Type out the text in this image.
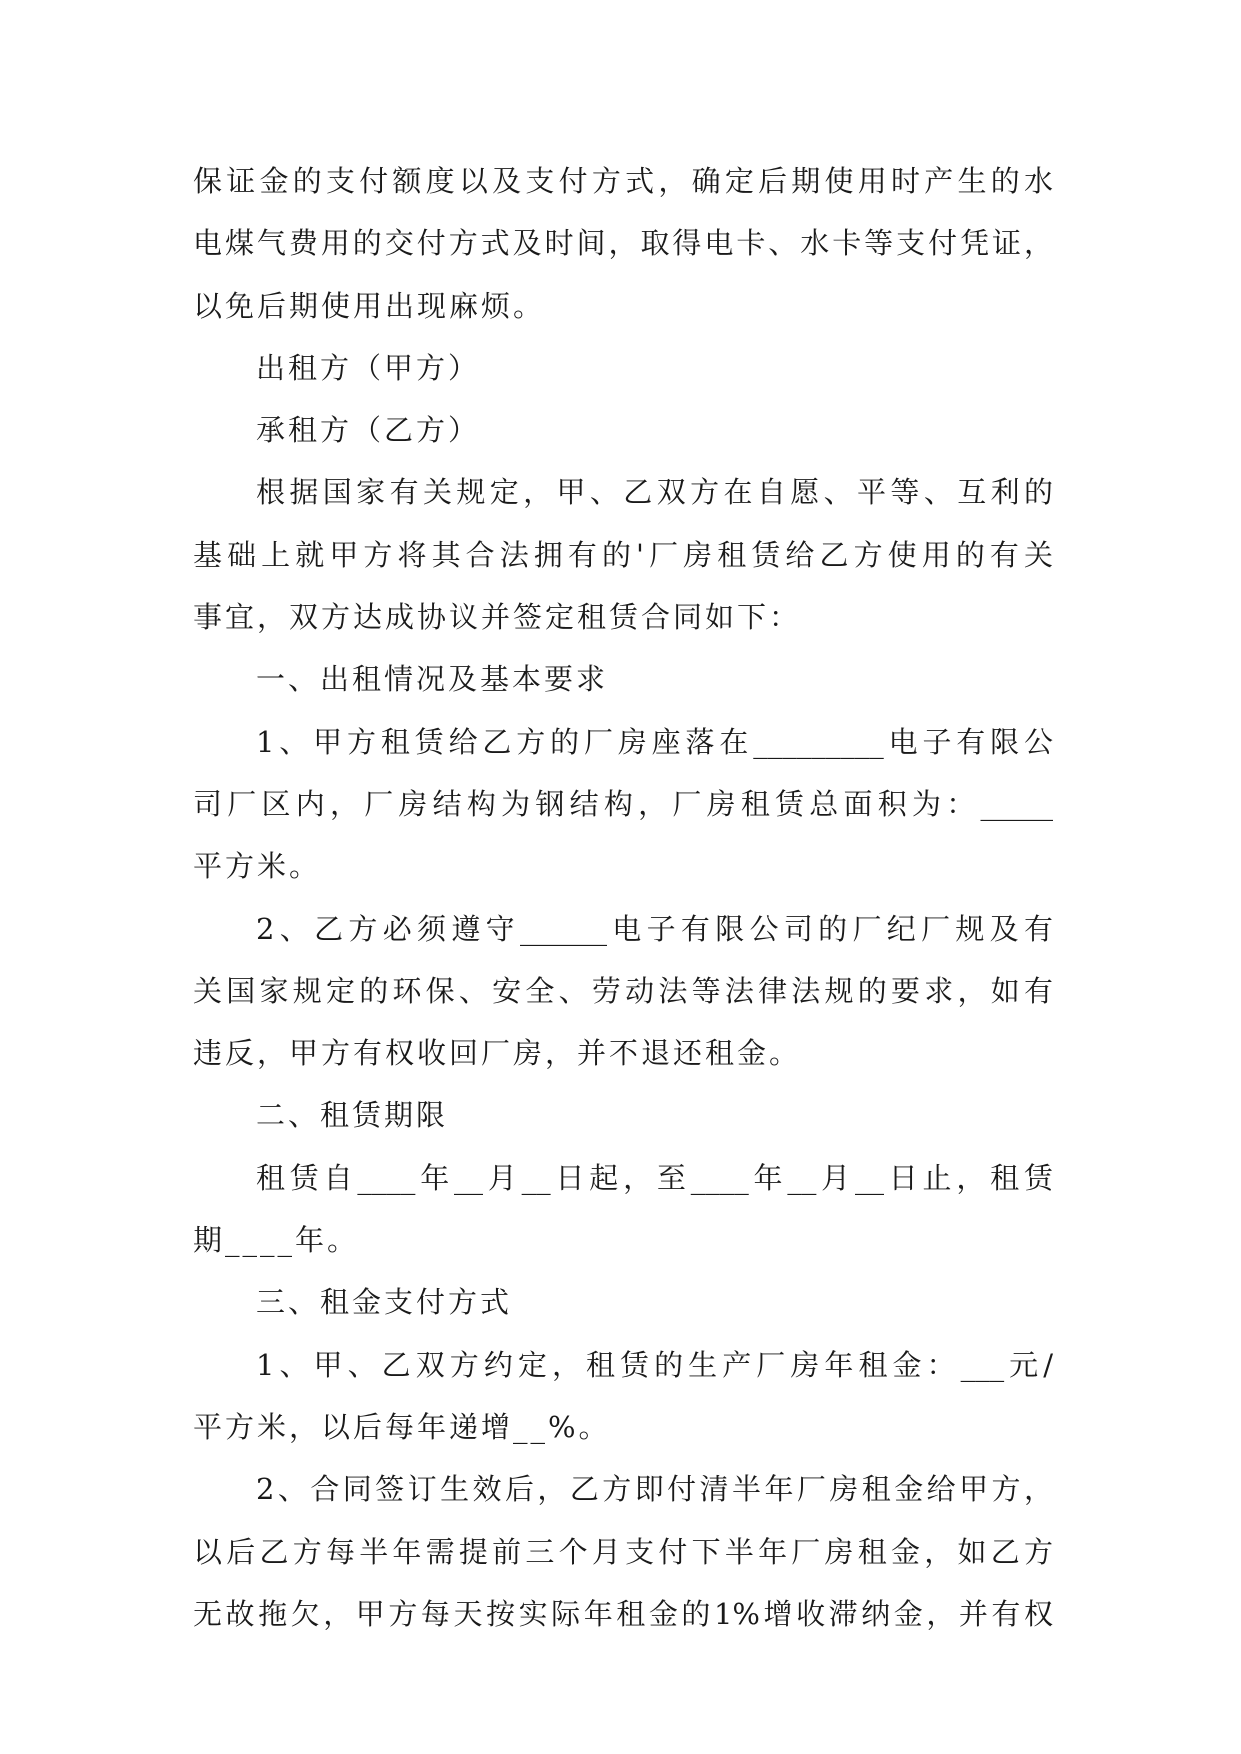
保证金的支付额度以及支付方式，确定后期使用时产生的水
电煤气费用的交付方式及时间，取得电卡、水卡等支付凭证，
以免后期使用出现麻烦。
出租方（甲方）
承租方（乙方）
根据国家有关规定，甲、乙双方在自愿、平等、互利的
基础上就甲方将其合法拥有的'厂房租赁给乙方使用的有关
事宜，双方达成协议并签定租赁合同如下：
一、出租情况及基本要求
1、甲方租赁给乙方的厂房座落在_________电子有限公
司厂区内，厂房结构为钢结构，厂房租赁总面积为：_____
平方米。
2、乙方必须遵守______电子有限公司的厂纪厂规及有
关国家规定的环保、安全、劳动法等法律法规的要求，如有
违反，甲方有权收回厂房，并不退还租金。
二、租赁期限
租赁自____年__月__日起，至____年__月__日止，租赁
期____年。
三、租金支付方式
1、甲、乙双方约定，租赁的生产厂房年租金：___元/
平方米，以后每年递增__%。
2、合同签订生效后，乙方即付清半年厂房租金给甲方，
以后乙方每半年需提前三个月支付下半年厂房租金，如乙方
无故拖欠，甲方每天按实际年租金的1%增收滞纳金，并有权
